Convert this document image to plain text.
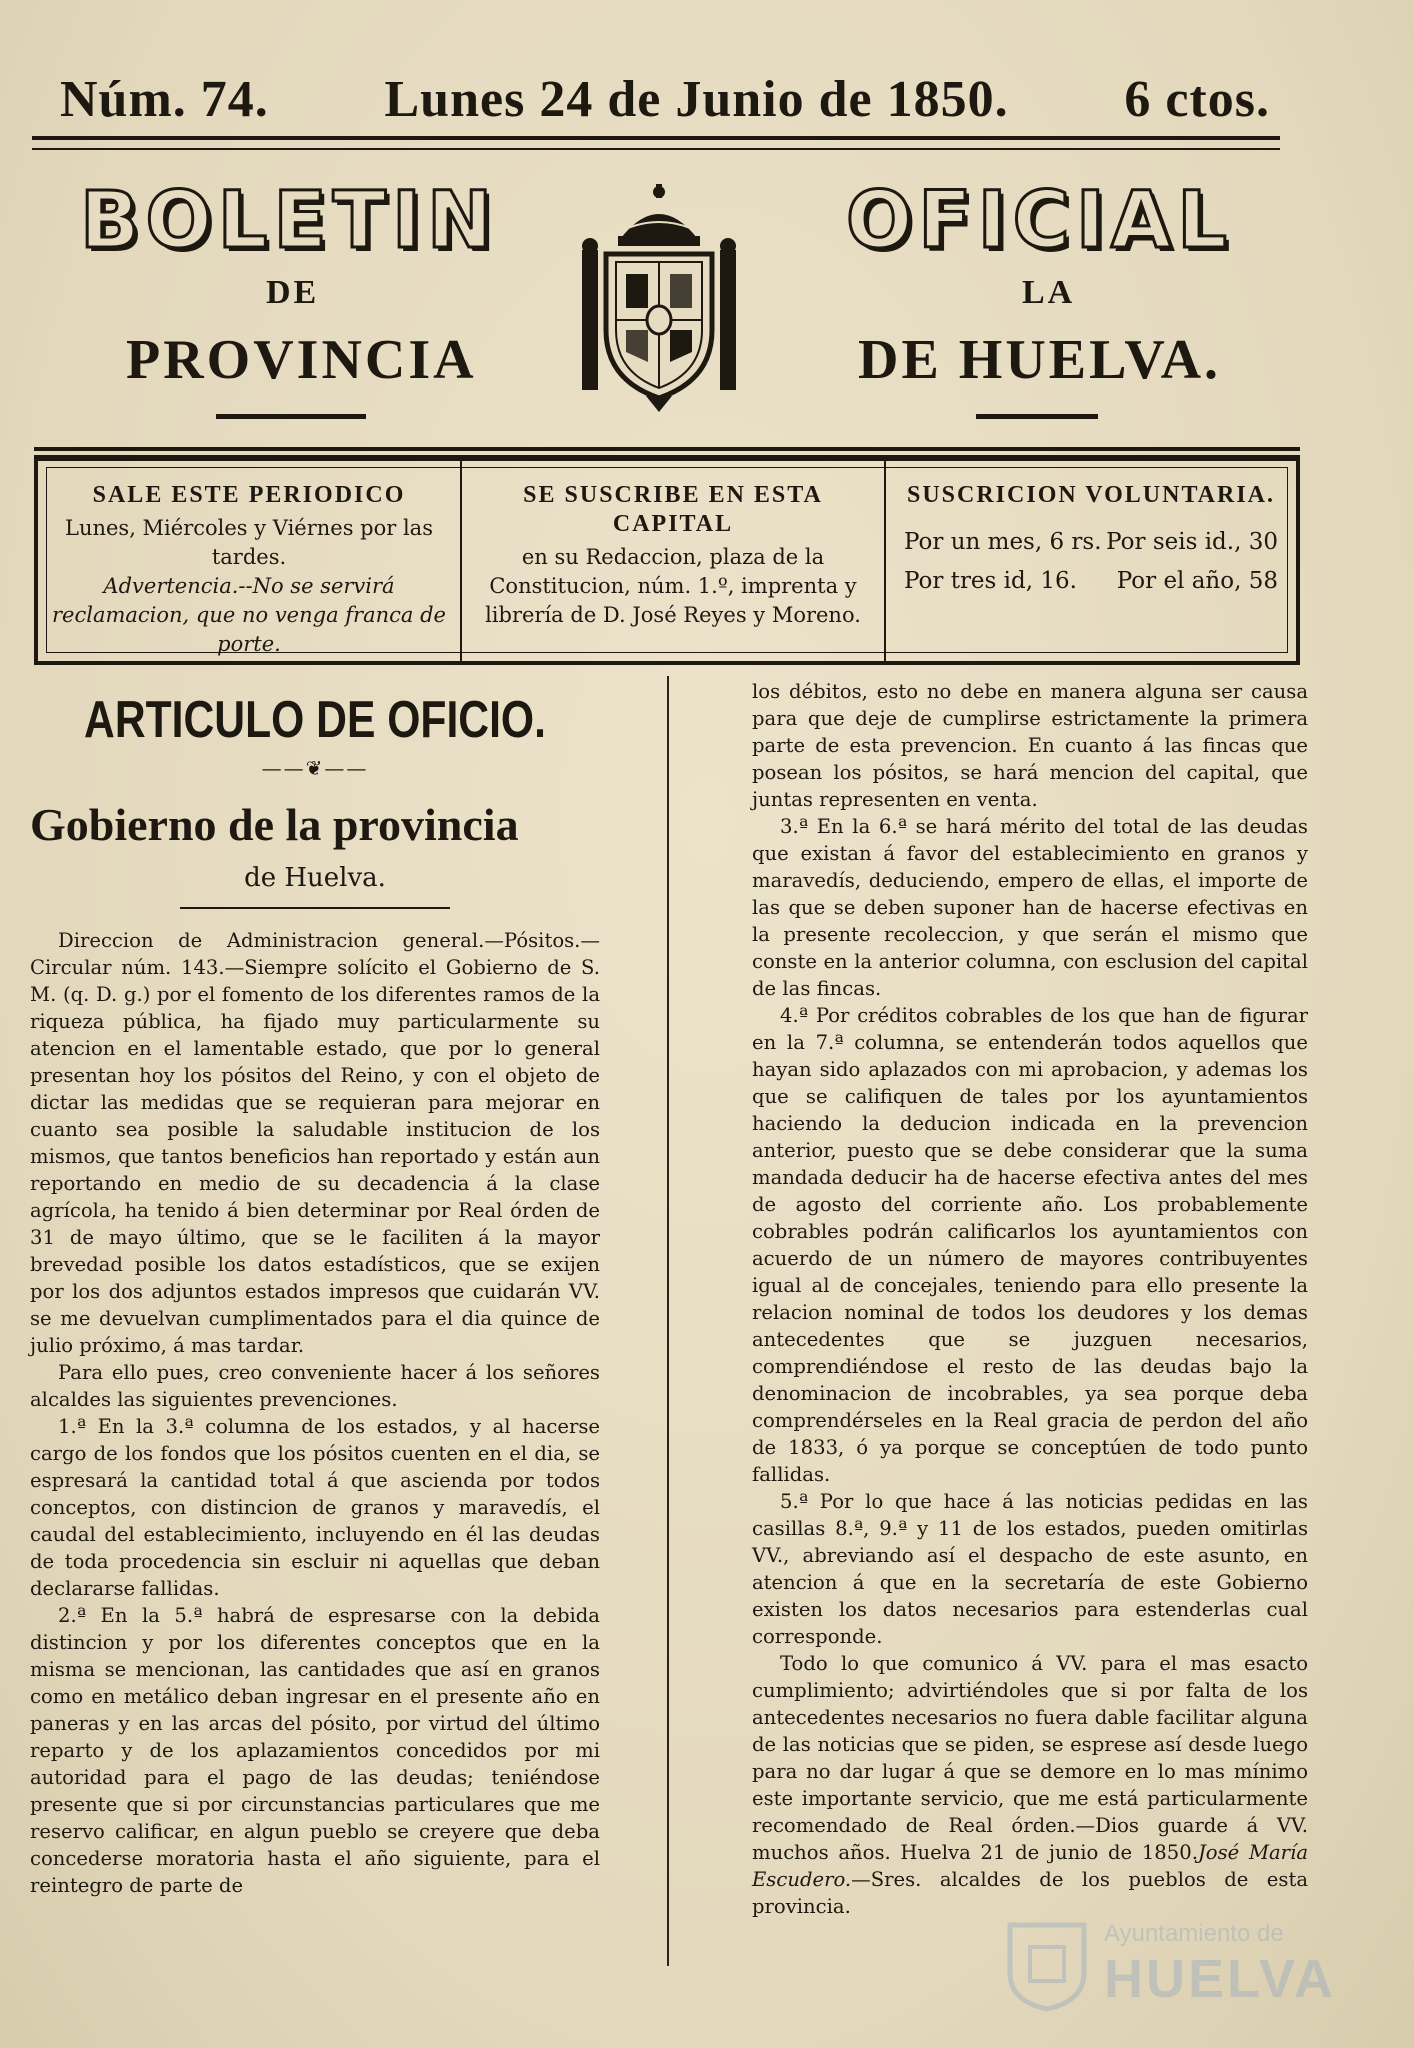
Núm. 74. Lunes 24 de Junio de 1850. 6 ctos.
BOLETIN	OFICIAL
DE	LA
PROVINCIA	DE HUELVA.
SALE ESTE PERIODICO
Lunes, Miércoles y Viérnes por las tardes.
Advertencia.--No se servirá reclamacion, que no venga franca de porte.
SE SUSCRIBE EN ESTA CAPITAL
en su Redaccion, plaza de la Constitucion, núm. 1.º, imprenta y librería de D. José Reyes y Moreno.
SUSCRICION VOLUNTARIA.
Por un mes, 6 rs. Por seis id., 30
Por tres id, 16. Por el año, 58
ARTICULO DE OFICIO.
——❦——
Gobierno de la provincia
de Huelva.

Direccion de Administracion general.—Pósitos.—Circular núm. 143.—Siempre solícito el Gobierno de S. M. (q. D. g.) por el fomento de los diferentes ramos de la riqueza pública, ha fijado muy particularmente su atencion en el lamentable estado, que por lo general presentan hoy los pósitos del Reino, y con el objeto de dictar las medidas que se requieran para mejorar en cuanto sea posible la saludable institucion de los mismos, que tantos beneficios han reportado y están aun reportando en medio de su decadencia á la clase agrícola, ha tenido á bien determinar por Real órden de 31 de mayo último, que se le faciliten á la mayor brevedad posible los datos estadísticos, que se exijen por los dos adjuntos estados impresos que cuidarán VV. se me devuelvan cumplimentados para el dia quince de julio próximo, á mas tardar.

Para ello pues, creo conveniente hacer á los señores alcaldes las siguientes prevenciones.

1.ª En la 3.ª columna de los estados, y al hacerse cargo de los fondos que los pósitos cuenten en el dia, se espresará la cantidad total á que ascienda por todos conceptos, con distincion de granos y maravedís, el caudal del establecimiento, incluyendo en él las deudas de toda procedencia sin escluir ni aquellas que deban declararse fallidas.

2.ª En la 5.ª habrá de espresarse con la debida distincion y por los diferentes conceptos que en la misma se mencionan, las cantidades que así en granos como en metálico deban ingresar en el presente año en paneras y en las arcas del pósito, por virtud del último reparto y de los aplazamientos concedidos por mi autoridad para el pago de las deudas; teniéndose presente que si por circunstancias particulares que me reservo calificar, en algun pueblo se creyere que deba concederse moratoria hasta el año siguiente, para el reintegro de parte de

los débitos, esto no debe en manera alguna ser causa para que deje de cumplirse estrictamente la primera parte de esta prevencion. En cuanto á las fincas que posean los pósitos, se hará mencion del capital, que juntas representen en venta.

3.ª En la 6.ª se hará mérito del total de las deudas que existan á favor del establecimiento en granos y maravedís, deduciendo, empero de ellas, el importe de las que se deben suponer han de hacerse efectivas en la presente recoleccion, y que serán el mismo que conste en la anterior columna, con esclusion del capital de las fincas.

4.ª Por créditos cobrables de los que han de figurar en la 7.ª columna, se entenderán todos aquellos que hayan sido aplazados con mi aprobacion, y ademas los que se califiquen de tales por los ayuntamientos haciendo la deducion indicada en la prevencion anterior, puesto que se debe considerar que la suma mandada deducir ha de hacerse efectiva antes del mes de agosto del corriente año. Los probablemente cobrables podrán calificarlos los ayuntamientos con acuerdo de un número de mayores contribuyentes igual al de concejales, teniendo para ello presente la relacion nominal de todos los deudores y los demas antecedentes que se juzguen necesarios, comprendiéndose el resto de las deudas bajo la denominacion de incobrables, ya sea porque deba comprendérseles en la Real gracia de perdon del año de 1833, ó ya porque se conceptúen de todo punto fallidas.

5.ª Por lo que hace á las noticias pedidas en las casillas 8.ª, 9.ª y 11 de los estados, pueden omitirlas VV., abreviando así el despacho de este asunto, en atencion á que en la secretaría de este Gobierno existen los datos necesarios para estenderlas cual corresponde.

Todo lo que comunico á VV. para el mas esacto cumplimiento; advirtiéndoles que si por falta de los antecedentes necesarios no fuera dable facilitar alguna de las noticias que se piden, se esprese así desde luego para no dar lugar á que se demore en lo mas mínimo este importante servicio, que me está particularmente recomendado de Real órden.—Dios guarde á VV. muchos años. Huelva 21 de junio de 1850.José María Escudero.—Sres. alcaldes de los pueblos de esta provincia.

Ayuntamiento de
HUELVA
